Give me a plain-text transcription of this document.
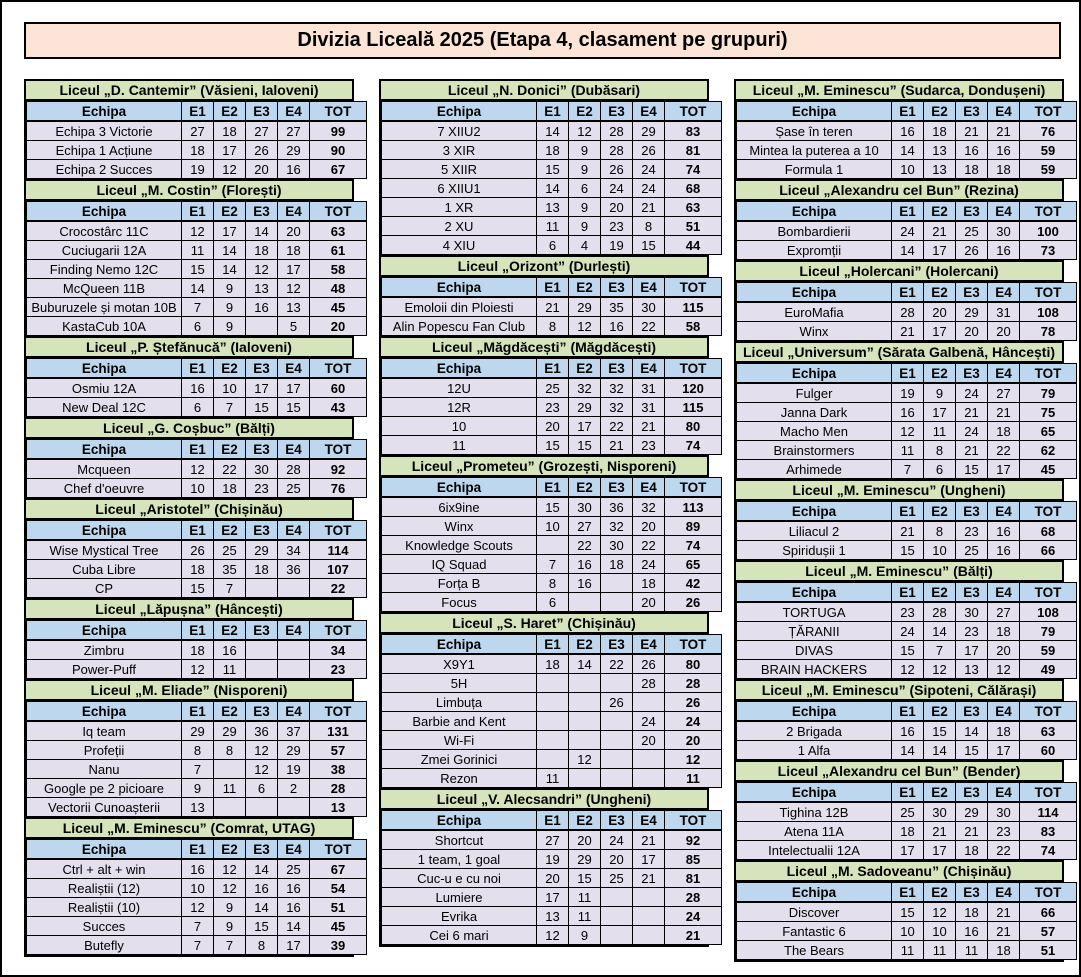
Divizia Liceală 2025 (Etapa 4, clasament pe grupuri)
Liceul „D. Cantemir” (Văsieni, Ialoveni)
Echipa	E1	E2	E3	E4	TOT
Echipa 3 Victorie	27	18	27	27	99
Echipa 1 Acțiune	18	17	26	29	90
Echipa 2 Succes	19	12	20	16	67
Liceul „M. Costin” (Florești)
Echipa	E1	E2	E3	E4	TOT
Crocostârc 11C	12	17	14	20	63
Cuciugarii 12A	11	14	18	18	61
Finding Nemo 12C	15	14	12	17	58
McQueen 11B	14	9	13	12	48
Buburuzele și motan 10B	7	9	16	13	45
KastaCub 10A	6	9		5	20
Liceul „P. Ștefănucă” (Ialoveni)
Echipa	E1	E2	E3	E4	TOT
Osmiu 12A	16	10	17	17	60
New Deal 12C	6	7	15	15	43
Liceul „G. Coșbuc” (Bălți)
Echipa	E1	E2	E3	E4	TOT
Mcqueen	12	22	30	28	92
Chef d'oeuvre	10	18	23	25	76
Liceul „Aristotel” (Chișinău)
Echipa	E1	E2	E3	E4	TOT
Wise Mystical Tree	26	25	29	34	114
Cuba Libre	18	35	18	36	107
CP	15	7			22
Liceul „Lăpușna” (Hâncești)
Echipa	E1	E2	E3	E4	TOT
Zimbru	18	16			34
Power-Puff	12	11			23
Liceul „M. Eliade” (Nisporeni)
Echipa	E1	E2	E3	E4	TOT
Iq team	29	29	36	37	131
Profeții	8	8	12	29	57
Nanu	7		12	19	38
Google pe 2 picioare	9	11	6	2	28
Vectorii Cunoașterii	13				13
Liceul „M. Eminescu” (Comrat, UTAG)
Echipa	E1	E2	E3	E4	TOT
Ctrl + alt + win	16	12	14	25	67
Realiștii (12)	10	12	16	16	54
Realiștii (10)	12	9	14	16	51
Succes	7	9	15	14	45
Butefly	7	7	8	17	39
Liceul „N. Donici” (Dubăsari)
Echipa	E1	E2	E3	E4	TOT
7 XIIU2	14	12	28	29	83
3 XIR	18	9	28	26	81
5 XIIR	15	9	26	24	74
6 XIIU1	14	6	24	24	68
1 XR	13	9	20	21	63
2 XU	11	9	23	8	51
4 XIU	6	4	19	15	44
Liceul „Orizont” (Durlești)
Echipa	E1	E2	E3	E4	TOT
Emoloii din Ploiesti	21	29	35	30	115
Alin Popescu Fan Club	8	12	16	22	58
Liceul „Măgdăcești” (Măgdăcești)
Echipa	E1	E2	E3	E4	TOT
12U	25	32	32	31	120
12R	23	29	32	31	115
10	20	17	22	21	80
11	15	15	21	23	74
Liceul „Prometeu” (Grozești, Nisporeni)
Echipa	E1	E2	E3	E4	TOT
6ix9ine	15	30	36	32	113
Winx	10	27	32	20	89
Knowledge Scouts		22	30	22	74
IQ Squad	7	16	18	24	65
Forța B	8	16		18	42
Focus	6			20	26
Liceul „S. Haret” (Chișinău)
Echipa	E1	E2	E3	E4	TOT
X9Y1	18	14	22	26	80
5H				28	28
Limbuța			26		26
Barbie and Kent				24	24
Wi-Fi				20	20
Zmei Gorinici		12			12
Rezon	11				11
Liceul „V. Alecsandri” (Ungheni)
Echipa	E1	E2	E3	E4	TOT
Shortcut	27	20	24	21	92
1 team, 1 goal	19	29	20	17	85
Cuc-u e cu noi	20	15	25	21	81
Lumiere	17	11			28
Evrika	13	11			24
Cei 6 mari	12	9			21
Liceul „M. Eminescu” (Sudarca, Dondușeni)
Echipa	E1	E2	E3	E4	TOT
Șase în teren	16	18	21	21	76
Mintea la puterea a 10	14	13	16	16	59
Formula 1	10	13	18	18	59
Liceul „Alexandru cel Bun” (Rezina)
Echipa	E1	E2	E3	E4	TOT
Bombardierii	24	21	25	30	100
Expromții	14	17	26	16	73
Liceul „Holercani” (Holercani)
Echipa	E1	E2	E3	E4	TOT
EuroMafia	28	20	29	31	108
Winx	21	17	20	20	78
Liceul „Universum” (Sărata Galbenă, Hâncești)
Echipa	E1	E2	E3	E4	TOT
Fulger	19	9	24	27	79
Janna Dark	16	17	21	21	75
Macho Men	12	11	24	18	65
Brainstormers	11	8	21	22	62
Arhimede	7	6	15	17	45
Liceul „M. Eminescu” (Ungheni)
Echipa	E1	E2	E3	E4	TOT
Liliacul 2	21	8	23	16	68
Spiridușii 1	15	10	25	16	66
Liceul „M. Eminescu” (Bălți)
Echipa	E1	E2	E3	E4	TOT
TORTUGA	23	28	30	27	108
ȚĂRANII	24	14	23	18	79
DIVAS	15	7	17	20	59
BRAIN HACKERS	12	12	13	12	49
Liceul „M. Eminescu” (Sipoteni, Călărași)
Echipa	E1	E2	E3	E4	TOT
2 Brigada	16	15	14	18	63
1 Alfa	14	14	15	17	60
Liceul „Alexandru cel Bun” (Bender)
Echipa	E1	E2	E3	E4	TOT
Tighina 12B	25	30	29	30	114
Atena 11A	18	21	21	23	83
Intelectualii 12A	17	17	18	22	74
Liceul „M. Sadoveanu” (Chișinău)
Echipa	E1	E2	E3	E4	TOT
Discover	15	12	18	21	66
Fantastic 6	10	10	16	21	57
The Bears	11	11	11	18	51
